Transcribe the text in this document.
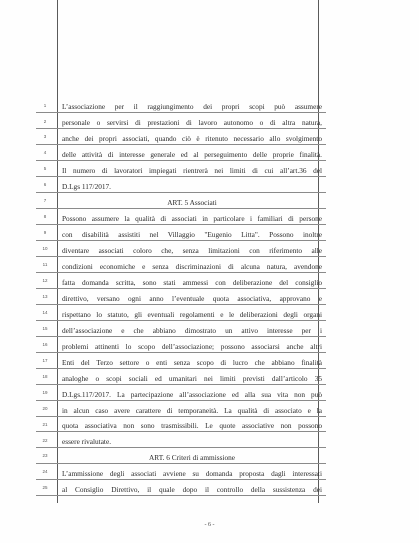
1	L’associazione per il raggiungimento dei propri scopi può assumere
2	personale o servirsi di prestazioni di lavoro autonomo o di altra natura,
3	anche dei propri associati, quando ciò è ritenuto necessario allo svolgimento
4	delle attività di interesse generale ed al perseguimento delle proprie finalità.
5	Il numero di lavoratori impiegati rientrerà nei limiti di cui all’art.36 del
6	D.Lgs 117/2017.
7	ART. 5 Associati
8	Possono assumere la qualità di associati in particolare i familiari di persone
9	con disabilità assistiti nel Villaggio "Eugenio Litta". Possono inoltre
10	diventare associati coloro che, senza limitazioni con riferimento alle
11	condizioni economiche e senza discriminazioni di alcuna natura, avendone
12	fatta domanda scritta, sono stati ammessi con deliberazione del consiglio
13	direttivo, versano ogni anno l’eventuale quota associativa, approvano e
14	rispettano lo statuto, gli eventuali regolamenti e le deliberazioni degli organi
15	dell’associazione e che abbiano dimostrato un attivo interesse per i
16	problemi attinenti lo scopo dell’associazione; possono associarsi anche altri
17	Enti del Terzo settore o enti senza scopo di lucro che abbiano finalità
18	analoghe o scopi sociali ed umanitari nei limiti previsti dall’articolo 35
19	D.Lgs.117/2017. La partecipazione all’associazione ed alla sua vita non può
20	in alcun caso avere carattere di temporaneità. La qualità di associato e la
21	quota associativa non sono trasmissibili. Le quote associative non possono
22	essere rivalutate.
23	ART. 6 Criteri di ammissione
24	L’ammissione degli associati avviene su domanda proposta dagli interessati
25	al Consiglio Direttivo, il quale dopo il controllo della sussistenza dei
- 6 -
